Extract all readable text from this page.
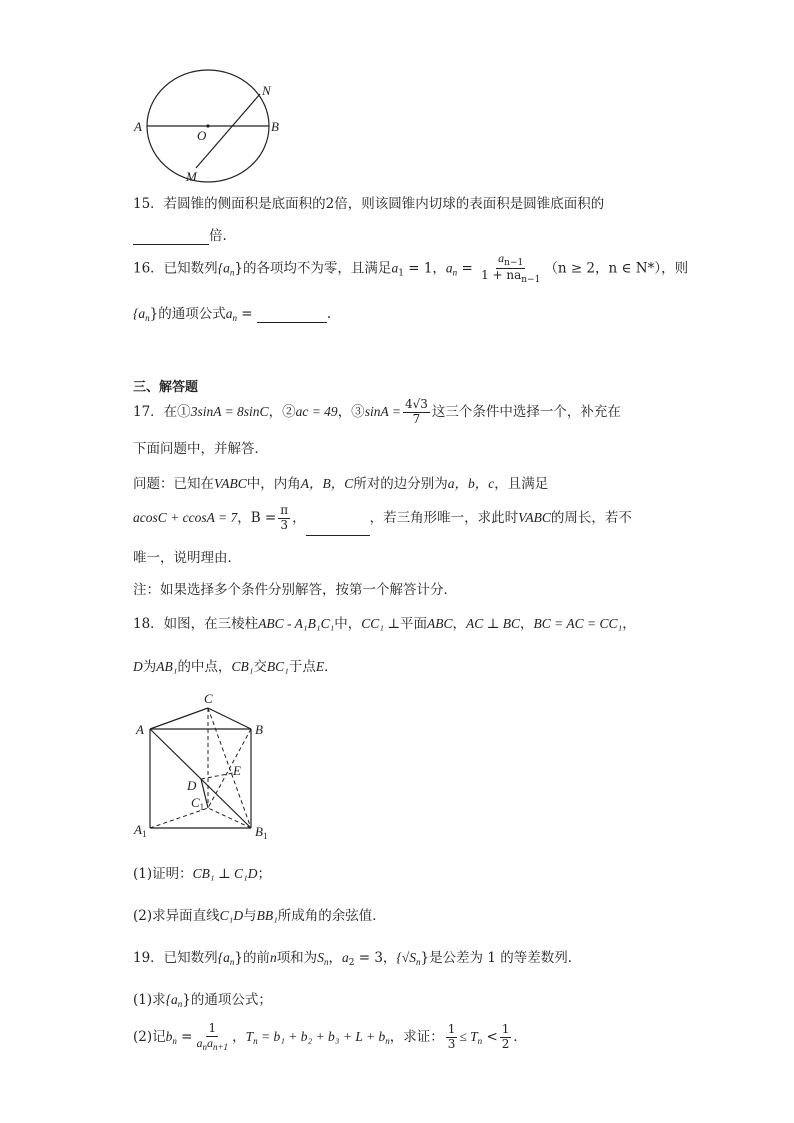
A	B
O
N
M
15．若圆锥的侧面积是底面积的2倍，则该圆锥内切球的表面积是圆锥底面积的
倍.
16．已知数列$\{a_n\}$的各项均不为零，且满足$a_1 = 1$，$a_n = \frac{a_{n-1}}{1 + na_{n-1}} (n \ge 2$，n ∈ N*），则
$\{a_n\}$的通项公式$a_n$ =	.
三、解答题
17．在①3sinA = 8sinC，②ac = 49，③sinA = $\frac{4√3}{7}$ 这三个条件中选择一个，补充在
下面问题中，并解答．
问题：已知在VABC中，内角A，B，C所对的边分别为a，b，c，且满足
acosC + ccosA = 7，$B = \frac{\pi}{3}$ ，	，若三角形唯一，求此时VABC的周长，若不
唯一，说明理由．
注：如果选择多个条件分别解答，按第一个解答计分．
18．如图，在三棱柱ABC - A₁B₁C₁中，CC₁ ⊥平面ABC，AC ⊥ BC，BC = AC = CC₁，
D为AB₁的中点，CB₁交BC₁于点E．
C
A	B
E
D
$C_1$
$A_1$	$B_1$
(1)证明：CB₁ ⊥ C₁D；
(2)求异面直线C₁D与BB₁所成角的余弦值．
19．已知数列$\{a_n\}$的前n项和为$S_n$，$a_2 = 3$，$\{√S_n\}$是公差为 1 的等差数列．
(1)求$\{a_n\}$的通项公式；
(2)记$b_n = \frac{1}{a_na_{n+1}}$ ，$T_n = b_1 + b_2 + b_3 + L + b_n$，求证： $\frac{1}{3} \le T_n < \frac{1}{2}$ ．
